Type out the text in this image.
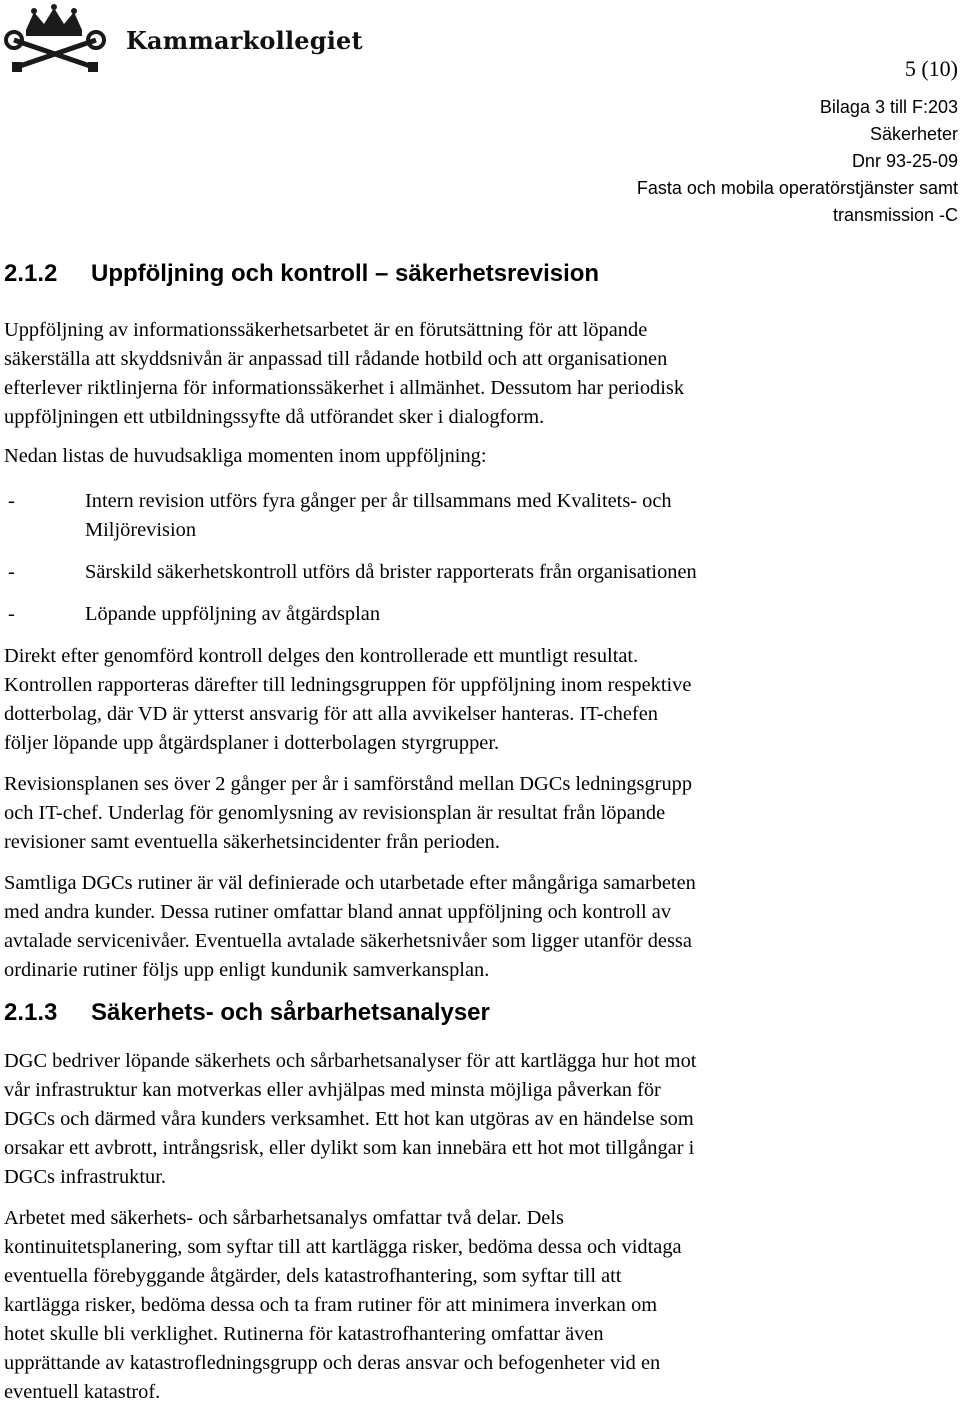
Kammarkollegiet
5 (10)
Bilaga 3 till F:203
Säkerheter
Dnr 93-25-09
Fasta och mobila operatörstjänster samt
transmission -C
2.1.2 Uppföljning och kontroll – säkerhetsrevision
Uppföljning av informationssäkerhetsarbetet är en förutsättning för att löpande
säkerställa att skyddsnivån är anpassad till rådande hotbild och att organisationen
efterlever riktlinjerna för informationssäkerhet i allmänhet. Dessutom har periodisk
uppföljningen ett utbildningssyfte då utförandet sker i dialogform.
Nedan listas de huvudsakliga momenten inom uppföljning:
-	Intern revision utförs fyra gånger per år tillsammans med Kvalitets- och
Miljörevision
-	Särskild säkerhetskontroll utförs då brister rapporterats från organisationen
-	Löpande uppföljning av åtgärdsplan
Direkt efter genomförd kontroll delges den kontrollerade ett muntligt resultat.
Kontrollen rapporteras därefter till ledningsgruppen för uppföljning inom respektive
dotterbolag, där VD är ytterst ansvarig för att alla avvikelser hanteras. IT-chefen
följer löpande upp åtgärdsplaner i dotterbolagen styrgrupper.
Revisionsplanen ses över 2 gånger per år i samförstånd mellan DGCs ledningsgrupp
och IT-chef. Underlag för genomlysning av revisionsplan är resultat från löpande
revisioner samt eventuella säkerhetsincidenter från perioden.
Samtliga DGCs rutiner är väl definierade och utarbetade efter mångåriga samarbeten
med andra kunder. Dessa rutiner omfattar bland annat uppföljning och kontroll av
avtalade servicenivåer. Eventuella avtalade säkerhetsnivåer som ligger utanför dessa
ordinarie rutiner följs upp enligt kundunik samverkansplan.
2.1.3 Säkerhets- och sårbarhetsanalyser
DGC bedriver löpande säkerhets och sårbarhetsanalyser för att kartlägga hur hot mot
vår infrastruktur kan motverkas eller avhjälpas med minsta möjliga påverkan för
DGCs och därmed våra kunders verksamhet. Ett hot kan utgöras av en händelse som
orsakar ett avbrott, intrångsrisk, eller dylikt som kan innebära ett hot mot tillgångar i
DGCs infrastruktur.
Arbetet med säkerhets- och sårbarhetsanalys omfattar två delar. Dels
kontinuitetsplanering, som syftar till att kartlägga risker, bedöma dessa och vidtaga
eventuella förebyggande åtgärder, dels katastrofhantering, som syftar till att
kartlägga risker, bedöma dessa och ta fram rutiner för att minimera inverkan om
hotet skulle bli verklighet. Rutinerna för katastrofhantering omfattar även
upprättande av katastrofledningsgrupp och deras ansvar och befogenheter vid en
eventuell katastrof.
